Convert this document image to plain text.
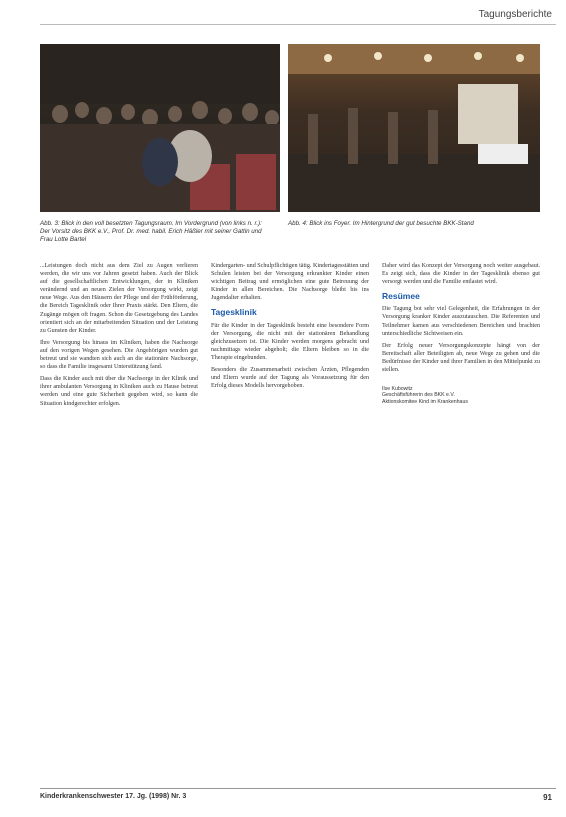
Tagungsberichte

Abb. 3: Blick in den voll besetzten Tagungsraum. Im Vordergrund (von links n. r.): Der Vorsitz des BKK e.V., Prof. Dr. med. habil. Erich Häßler mit seiner Gattin und Frau Lotte Bartel

Abb. 4: Blick ins Foyer. Im Hintergrund der gut besuchte BKK-Stand

...Leistungen doch nicht aus dem Ziel zu Augen verlieren werden, die wir uns vor Jahren gesetzt haben. Auch der Blick auf die gesellschaftlichen Entwicklungen, der in Kliniken verändernd und an neuen Zielen der Versorgung wirkt, zeigt neue Wege. Aus den Häusern der Pflege und der Frühförderung, die Bereich Tagesklinik oder Ihrer Praxis stärkt. Den Eltern, die Zugänge mögen oft fragen. Schon die Gesetzgebung des Landes orientiert sich an der mitarbeitenden Situation und der Leistung zu Gunsten der Kinder.

Ihre Versorgung bis hinaus im Kliniken, haben die Nachsorge auf den vorigen Wegen gesehen. Die Angehörigen wurden gut betreut und sie wandten sich auch an die stationäre Nachsorge, so dass die Familie insgesamt Unterstützung fand.

Dass die Kinder auch mit über die Nachsorge in der Klinik und ihrer ambulanten Versorgung in Kliniken auch zu Hause betreut werden und eine gute Sicherheit gegeben wird, so kann die Situation kindgerechter erfolgen.

Kindergarten- und Schulpflichtigen tätig. Kindertagesstätten und Schulen leisten bei der Versorgung erkrankter Kinder einen wichtigen Beitrag und ermöglichen eine gute Betreuung der Kinder in allen Bereichen. Die Nachsorge bleibt bis ins Jugendalter erhalten.

Tagesklinik

Für die Kinder in der Tagesklinik besteht eine besondere Form der Versorgung, die nicht mit der stationären Behandlung gleichzusetzen ist. Die Kinder werden morgens gebracht und nachmittags wieder abgeholt; die Eltern bleiben so in die Therapie eingebunden.

Besonders die Zusammenarbeit zwischen Ärzten, Pflegenden und Eltern wurde auf der Tagung als Voraussetzung für den Erfolg dieses Modells hervorgehoben.

Daher wird das Konzept der Versorgung noch weiter ausgebaut. Es zeigt sich, dass die Kinder in der Tagesklinik ebenso gut versorgt werden und die Familie entlastet wird.

Resümee

Die Tagung bot sehr viel Gelegenheit, die Erfahrungen in der Versorgung kranker Kinder auszutauschen. Die Referenten und Teilnehmer kamen aus verschiedenen Bereichen und brachten unterschiedliche Sichtweisen ein.

Der Erfolg neuer Versorgungskonzepte hängt von der Bereitschaft aller Beteiligten ab, neue Wege zu gehen und die Bedürfnisse der Kinder und ihrer Familien in den Mittelpunkt zu stellen.

Ilse Kubowitz
Geschäftsführerin des BKK e.V.
Aktionskomitee Kind im Krankenhaus

Kinderkrankenschwester 17. Jg. (1998) Nr. 3	91
